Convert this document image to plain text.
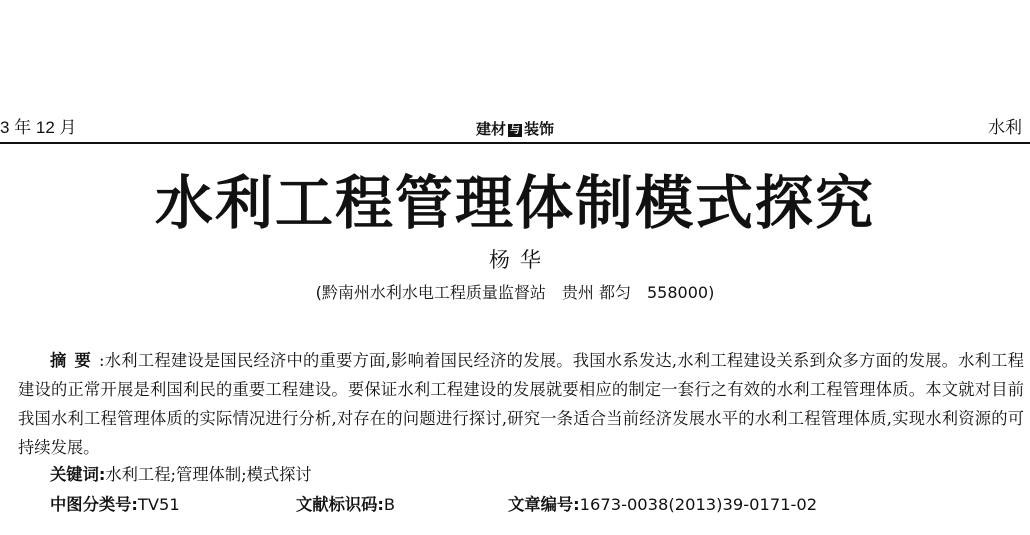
3 年 12 月	建材 与 装饰	水利
水利工程管理体制模式探究
杨华
(黔南州水利水电工程质量监督站　贵州 都匀　558000)
摘要:水利工程建设是国民经济中的重要方面,影响着国民经济的发展。我国水系发达,水利工程建设关系到众多方面的发展。水利工程建设的正常开展是利国利民的重要工程建设。要保证水利工程建设的发展就要相应的制定一套行之有效的水利工程管理体质。本文就对目前我国水利工程管理体质的实际情况进行分析,对存在的问题进行探讨,研究一条适合当前经济发展水平的水利工程管理体质,实现水利资源的可持续发展。
关键词:水利工程;管理体制;模式探讨
中图分类号:TV51	文献标识码:B	文章编号:1673-0038(2013)39-0171-02
